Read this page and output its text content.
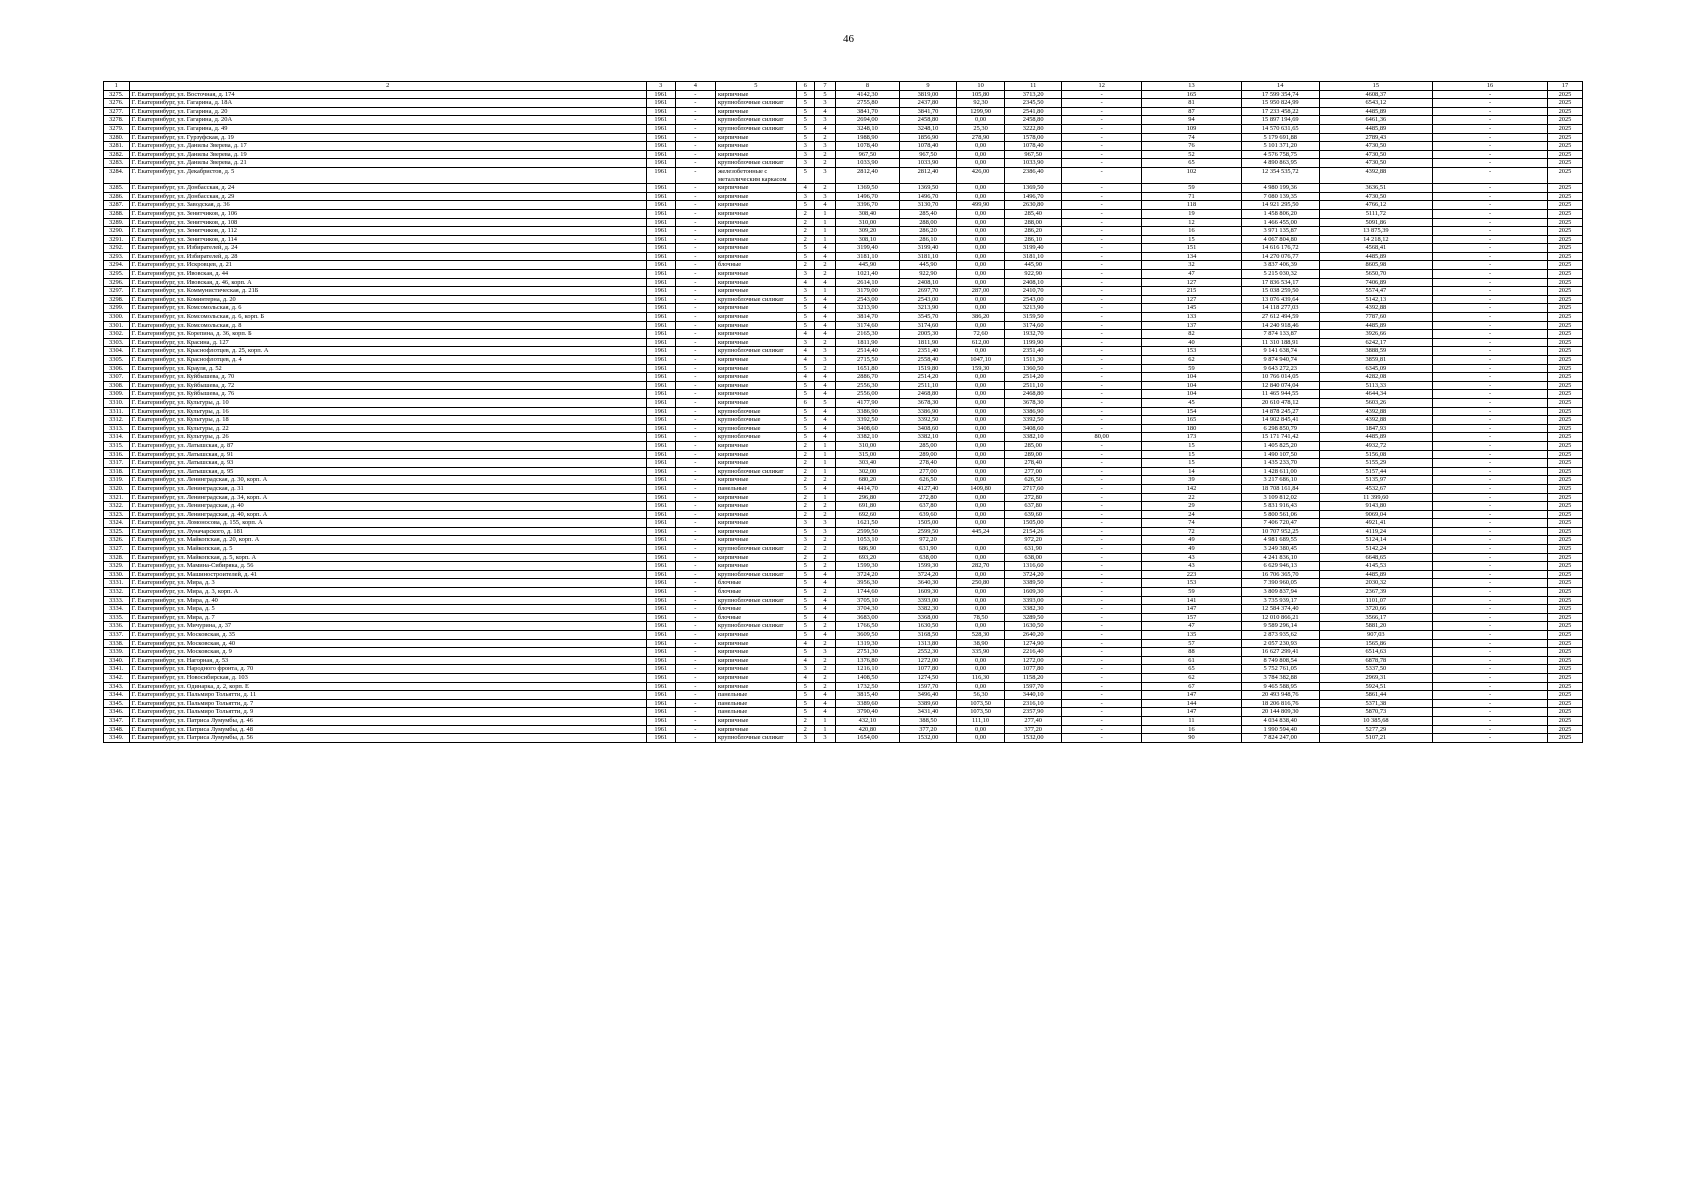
46
1	2	3	4	5	6	7	8	9	10	11	12	13	14	15	16	17
3275.	Г. Екатеринбург, ул. Восточная, д. 174	1961	-	кирпичные	5	5	4142,30	3819,00	105,80	3713,20	-	165	17 599 354,74	4608,37	-	2025
3276.	Г. Екатеринбург, ул. Гагарина, д. 18А	1961	-	крупноблочные силикат	5	3	2755,80	2437,80	92,30	2345,50	-	81	15 950 824,99	6543,12	-	2025
3277.	Г. Екатеринбург, ул. Гагарина, д. 20	1961	-	кирпичные	5	4	3841,70	3841,70	1299,90	2541,80	-	87	17 233 458,22	4485,89	-	2025
3278.	Г. Екатеринбург, ул. Гагарина, д. 20А	1961	-	крупноблочные силикат	5	3	2694,00	2458,80	0,00	2458,80	-	94	15 897 194,69	6461,36	-	2025
3279.	Г. Екатеринбург, ул. Гагарина, д. 49	1961	-	крупноблочные силикат	5	4	3248,10	3248,10	25,30	3222,80	-	109	14 570 631,65	4485,89	-	2025
3280.	Г. Екатеринбург, ул. Гурзуфская, д. 19	1961	-	кирпичные	5	2	1988,90	1856,90	278,90	1578,00	-	74	5 179 691,88	2789,43	-	2025
3281.	Г. Екатеринбург, ул. Данилы Зверева, д. 17	1961	-	кирпичные	3	3	1078,40	1078,40	0,00	1078,40	-	76	5 101 371,20	4730,50	-	2025
3282.	Г. Екатеринбург, ул. Данилы Зверева, д. 19	1961	-	кирпичные	3	2	967,50	967,50	0,00	967,50	-	52	4 576 758,75	4730,50	-	2025
3283.	Г. Екатеринбург, ул. Данилы Зверева, д. 21	1961	-	крупноблочные силикат	3	2	1033,90	1033,90	0,00	1033,90	-	65	4 890 863,95	4730,50	-	2025
3284.	Г. Екатеринбург, ул. Декабристов, д. 5	1961	-	железобетонные с металлическим каркасом	5	3	2812,40	2812,40	426,00	2386,40	-	102	12 354 535,72	4392,88	-	2025
3285.	Г. Екатеринбург, ул. Донбасская, д. 24	1961	-	кирпичные	4	2	1369,50	1369,50	0,00	1369,50	-	59	4 980 199,36	3636,51	-	2025
3286.	Г. Екатеринбург, ул. Донбасская, д. 29	1961	-	кирпичные	3	3	1496,70	1496,70	0,00	1496,70	-	71	7 080 139,35	4730,50	-	2025
3287.	Г. Екатеринбург, ул. Заводская, д. 36	1961	-	кирпичные	5	4	3396,70	3130,70	499,90	2630,80	-	118	14 921 295,50	4766,12	-	2025
3288.	Г. Екатеринбург, ул. Зенитчиков, д. 106	1961	-	кирпичные	2	1	308,40	285,40	0,00	285,40	-	19	1 458 806,20	5111,72	-	2025
3289.	Г. Екатеринбург, ул. Зенитчиков, д. 108	1961	-	кирпичные	2	1	310,00	288,00	0,00	288,00	-	12	1 466 455,00	5091,86	-	2025
3290.	Г. Екатеринбург, ул. Зенитчиков, д. 112	1961	-	кирпичные	2	1	309,20	286,20	0,00	286,20	-	16	3 971 135,87	13 875,39	-	2025
3291.	Г. Екатеринбург, ул. Зенитчиков, д. 114	1961	-	кирпичные	2	1	308,10	286,10	0,00	286,10	-	15	4 067 804,80	14 218,12	-	2025
3292.	Г. Екатеринбург, ул. Избирателей, д. 24	1961	-	кирпичные	5	4	3199,40	3199,40	0,00	3199,40	-	151	14 616 176,72	4568,41	-	2025
3293.	Г. Екатеринбург, ул. Избирателей, д. 28	1961	-	кирпичные	5	4	3181,10	3181,10	0,00	3181,10	-	134	14 270 076,77	4485,89	-	2025
3294.	Г. Екатеринбург, ул. Искровцев, д. 21	1961	-	блочные	2	2	445,90	445,90	0,00	445,90	-	32	3 837 406,39	8605,98	-	2025
3295.	Г. Екатеринбург, ул. Ивовская, д. 44	1961	-	кирпичные	3	2	1021,40	922,90	0,00	922,90	-	47	5 215 030,32	5650,70	-	2025
3296.	Г. Екатеринбург, ул. Ивовская, д. 46, корп. А	1961	-	кирпичные	4	4	2614,10	2408,10	0,00	2408,10	-	127	17 836 534,17	7406,89	-	2025
3297.	Г. Екатеринбург, ул. Коммунистическая, д. 21Б	1961	-	кирпичные	3	1	3179,00	2697,70	287,00	2410,70	-	215	15 038 259,50	5574,47	-	2025
3298.	Г. Екатеринбург, ул. Коминтерна, д. 20	1961	-	крупноблочные силикат	5	4	2543,00	2543,00	0,00	2543,00	-	127	13 076 439,64	5142,13	-	2025
3299.	Г. Екатеринбург, ул. Комсомольская, д. 6	1961	-	кирпичные	5	4	3213,90	3213,90	0,00	3213,90	-	145	14 118 277,03	4392,88	-	2025
3300.	Г. Екатеринбург, ул. Комсомольская, д. 6, корп. Б	1961	-	кирпичные	5	4	3814,70	3545,70	386,20	3159,50	-	133	27 612 494,59	7787,60	-	2025
3301.	Г. Екатеринбург, ул. Комсомольская, д. 8	1961	-	кирпичные	5	4	3174,60	3174,60	0,00	3174,60	-	137	14 240 918,46	4485,89	-	2025
3302.	Г. Екатеринбург, ул. Корепина, д. 36, корп. Б	1961	-	кирпичные	4	4	2165,30	2005,30	72,60	1932,70	-	82	7 874 133,87	3926,66	-	2025
3303.	Г. Екатеринбург, ул. Красина, д. 127	1961	-	кирпичные	3	2	1811,90	1811,90	612,00	1199,90	-	40	11 310 188,91	6242,17	-	2025
3304.	Г. Екатеринбург, ул. Краснофлотцев, д. 25, корп. А	1961	-	крупноблочные силикат	4	3	2514,40	2351,40	0,00	2351,40	-	153	9 141 638,74	3888,59	-	2025
3305.	Г. Екатеринбург, ул. Краснофлотцев, д. 4	1961	-	кирпичные	4	3	2715,50	2558,40	1047,10	1511,30	-	62	9 874 940,74	3859,81	-	2025
3306.	Г. Екатеринбург, ул. Крауля, д. 52	1961	-	кирпичные	5	2	1651,80	1519,80	159,30	1360,50	-	59	9 643 272,23	6345,09	-	2025
3307.	Г. Екатеринбург, ул. Куйбышева, д. 70	1961	-	кирпичные	4	4	2886,70	2514,20	0,00	2514,20	-	104	10 766 014,05	4282,08	-	2025
3308.	Г. Екатеринбург, ул. Куйбышева, д. 72	1961	-	кирпичные	5	4	2556,30	2511,10	0,00	2511,10	-	104	12 840 074,04	5113,33	-	2025
3309.	Г. Екатеринбург, ул. Куйбышева, д. 76	1961	-	кирпичные	5	4	2556,00	2468,80	0,00	2468,80	-	104	11 465 944,55	4644,34	-	2025
3310.	Г. Екатеринбург, ул. Культуры, д. 10	1961	-	кирпичные	6	5	4177,90	3678,30	0,00	3678,30	-	45	20 610 478,12	5603,26	-	2025
3311.	Г. Екатеринбург, ул. Культуры, д. 16	1961	-	крупноблочные	5	4	3386,90	3386,90	0,00	3386,90	-	154	14 878 245,27	4392,88	-	2025
3312.	Г. Екатеринбург, ул. Культуры, д. 18	1961	-	крупноблочные	5	4	3392,50	3392,50	0,00	3392,50	-	165	14 902 845,41	4392,88	-	2025
3313.	Г. Екатеринбург, ул. Культуры, д. 22	1961	-	крупноблочные	5	4	3408,60	3408,60	0,00	3408,60	-	180	6 298 850,79	1847,93	-	2025
3314.	Г. Екатеринбург, ул. Культуры, д. 26	1961	-	крупноблочные	5	4	3382,10	3382,10	0,00	3382,10	80,00	173	15 171 741,42	4485,89	-	2025
3315.	Г. Екатеринбург, ул. Латышская, д. 87	1961	-	кирпичные	2	1	310,00	285,00	0,00	285,00	-	15	1 405 825,20	4932,72	-	2025
3316.	Г. Екатеринбург, ул. Латышская, д. 91	1961	-	кирпичные	2	1	315,00	289,00	0,00	289,00	-	15	1 490 107,50	5156,08	-	2025
3317.	Г. Екатеринбург, ул. Латышская, д. 93	1961	-	кирпичные	2	1	303,40	278,40	0,00	278,40	-	15	1 435 233,70	5155,29	-	2025
3318.	Г. Екатеринбург, ул. Латышская, д. 95	1961	-	крупноблочные силикат	2	1	302,00	277,00	0,00	277,00	-	14	1 428 611,00	5157,44	-	2025
3319.	Г. Екатеринбург, ул. Ленинградская, д. 30, корп. А	1961	-	кирпичные	2	2	680,20	626,50	0,00	626,50	-	39	3 217 686,10	5135,97	-	2025
3320.	Г. Екатеринбург, ул. Ленинградская, д. 31	1961	-	панельные	5	4	4414,70	4127,40	1409,80	2717,60	-	142	18 708 161,84	4532,67	-	2025
3321.	Г. Екатеринбург, ул. Ленинградская, д. 34, корп. А	1961	-	кирпичные	2	1	296,80	272,80	0,00	272,80	-	22	3 109 812,02	11 399,60	-	2025
3322.	Г. Екатеринбург, ул. Ленинградская, д. 40	1961	-	кирпичные	2	2	691,80	637,80	0,00	637,80	-	29	5 831 916,43	9143,80	-	2025
3323.	Г. Екатеринбург, ул. Ленинградская, д. 40, корп. А	1961	-	кирпичные	2	2	692,60	639,60	0,00	639,60	-	24	5 800 561,06	9069,04	-	2025
3324.	Г. Екатеринбург, ул. Ломоносова, д. 155, корп. А	1961	-	кирпичные	3	3	1621,50	1505,00	0,00	1505,00	-	74	7 406 720,47	4921,41	-	2025
3325.	Г. Екатеринбург, ул. Луначарского, д. 181	1961	-	кирпичные	5	3	2599,50	2599,50	445,24	2154,26	-	72	10 707 952,25	4119,24	-	2025
3326.	Г. Екатеринбург, ул. Майкопская, д. 20, корп. А	1961	-	кирпичные	3	2	1053,10	972,20		972,20	-	49	4 981 689,55	5124,14	-	2025
3327.	Г. Екатеринбург, ул. Майкопская, д. 5	1961	-	крупноблочные силикат	2	2	686,90	631,90	0,00	631,90	-	49	3 249 380,45	5142,24	-	2025
3328.	Г. Екатеринбург, ул. Майкопская, д. 5, корп. А	1961	-	кирпичные	2	2	693,20	638,00	0,00	638,00	-	43	4 241 836,10	6648,65	-	2025
3329.	Г. Екатеринбург, ул. Мамина-Сибиряка, д. 56	1961	-	кирпичные	5	2	1599,30	1599,30	282,70	1316,60	-	43	6 629 946,13	4145,53	-	2025
3330.	Г. Екатеринбург, ул. Машиностроителей, д. 41	1961	-	крупноблочные силикат	5	4	3724,20	3724,20	0,00	3724,20	-	223	16 706 365,70	4485,89	-	2025
3331.	Г. Екатеринбург, ул. Мира, д. 3	1961	-	блочные	5	4	3956,30	3640,30	250,80	3389,50	-	153	7 390 960,05	2030,32	-	2025
3332.	Г. Екатеринбург, ул. Мира, д. 3, корп. А	1961	-	блочные	5	2	1744,60	1609,30	0,00	1609,30	-	59	3 809 837,94	2367,39	-	2025
3333.	Г. Екатеринбург, ул. Мира, д. 40	1961	-	крупноблочные силикат	5	4	3705,10	3393,00	0,00	3393,00	-	141	3 735 939,17	1101,07	-	2025
3334.	Г. Екатеринбург, ул. Мира, д. 5	1961	-	блочные	5	4	3704,30	3382,30	0,00	3382,30	-	147	12 584 374,40	3720,66	-	2025
3335.	Г. Екатеринбург, ул. Мира, д. 7	1961	-	блочные	5	4	3683,00	3368,00	78,50	3289,50	-	157	12 010 866,21	3566,17	-	2025
3336.	Г. Екатеринбург, ул. Мичурина, д. 37	1961	-	крупноблочные силикат	5	2	1766,50	1630,50	0,00	1630,50	-	47	9 589 296,14	5881,20	-	2025
3337.	Г. Екатеринбург, ул. Московская, д. 35	1961	-	кирпичные	5	4	3609,50	3168,50	528,30	2640,20	-	135	2 873 935,62	907,03	-	2025
3338.	Г. Екатеринбург, ул. Московская, д. 40	1961	-	кирпичные	4	2	1319,30	1313,80	38,90	1274,90	-	57	2 057 230,93	1565,86	-	2025
3339.	Г. Екатеринбург, ул. Московская, д. 9	1961	-	кирпичные	5	3	2751,30	2552,30	335,90	2216,40	-	88	16 627 299,41	6514,63	-	2025
3340.	Г. Екатеринбург, ул. Нагорная, д. 53	1961	-	кирпичные	4	2	1376,80	1272,00	0,00	1272,00	-	61	8 749 808,54	6878,78	-	2025
3341.	Г. Екатеринбург, ул. Народного фронта, д. 70	1961	-	кирпичные	3	2	1216,10	1077,80	0,00	1077,80	-	65	5 752 761,05	5337,50	-	2025
3342.	Г. Екатеринбург, ул. Новосибирская, д. 103	1961	-	кирпичные	4	2	1408,50	1274,50	116,30	1158,20	-	62	3 784 382,88	2969,31	-	2025
3343.	Г. Екатеринбург, ул. Одинарка, д. 2, корп. Е	1961	-	кирпичные	5	2	1732,50	1597,70	0,00	1597,70	-	67	9 465 588,95	5924,51	-	2025
3344.	Г. Екатеринбург, ул. Пальмиро Тольятти, д. 11	1961	-	панельные	5	4	3815,40	3496,40	56,30	3440,10	-	147	20 493 948,76	5861,44	-	2025
3345.	Г. Екатеринбург, ул. Пальмиро Тольятти, д. 7	1961	-	панельные	5	4	3389,60	3389,60	1073,50	2316,10	-	144	18 206 816,76	5371,38	-	2025
3346.	Г. Екатеринбург, ул. Пальмиро Тольятти, д. 9	1961	-	панельные	5	4	3790,40	3431,40	1073,50	2357,90	-	147	20 144 809,30	5870,73	-	2025
3347.	Г. Екатеринбург, ул. Патриса Лумумбы, д. 46	1961	-	кирпичные	2	1	432,10	388,50	111,10	277,40	-	11	4 034 838,40	10 385,68	-	2025
3348.	Г. Екатеринбург, ул. Патриса Лумумбы, д. 48	1961	-	кирпичные	2	1	420,80	377,20	0,00	377,20	-	16	1 990 594,40	5277,29	-	2025
3349.	Г. Екатеринбург, ул. Патриса Лумумбы, д. 56	1961	-	крупноблочные силикат	3	3	1654,00	1532,00	0,00	1532,00	-	90	7 824 247,00	5107,21	-	2025
